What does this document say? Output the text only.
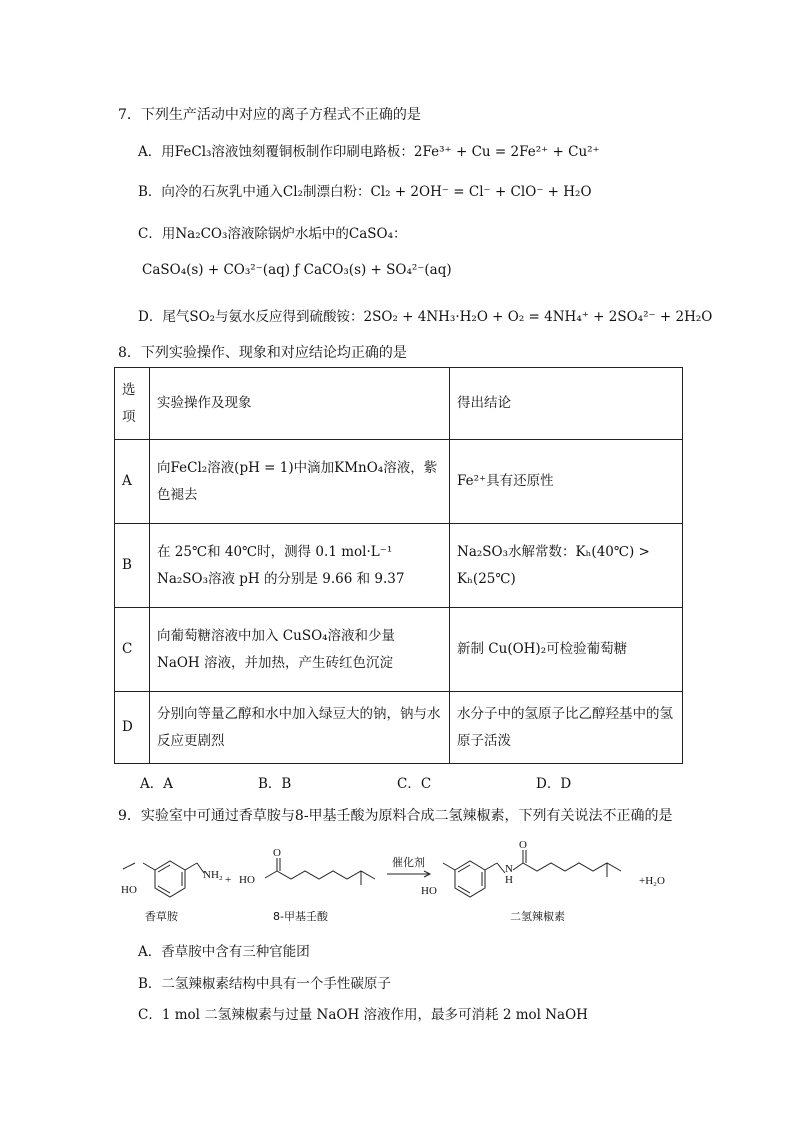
7．下列生产活动中对应的离子方程式不正确的是
A．用FeCl₃溶液蚀刻覆铜板制作印刷电路板：2Fe³⁺ + Cu = 2Fe²⁺ + Cu²⁺
B．向冷的石灰乳中通入Cl₂制漂白粉：Cl₂ + 2OH⁻ = Cl⁻ + ClO⁻ + H₂O
C．用Na₂CO₃溶液除锅炉水垢中的CaSO₄：
CaSO₄(s) + CO₃²⁻(aq) ƒ CaCO₃(s) + SO₄²⁻(aq)
D．尾气SO₂与氨水反应得到硫酸铵：2SO₂ + 4NH₃·H₂O + O₂ = 4NH₄⁺ + 2SO₄²⁻ + 2H₂O
8．下列实验操作、现象和对应结论均正确的是
选项	实验操作及现象	得出结论
A	向FeCl₂溶液(pH = 1)中滴加KMnO₄溶液，紫色褪去	Fe²⁺具有还原性
B	在 25℃和 40℃时，测得 0.1 mol·L⁻¹ Na₂SO₃溶液 pH 的分别是 9.66 和 9.37	Na₂SO₃水解常数：Kₕ(40℃) > Kₕ(25℃)
C	向葡萄糖溶液中加入 CuSO₄溶液和少量 NaOH 溶液，并加热，产生砖红色沉淀	新制 Cu(OH)₂可检验葡萄糖
D	分别向等量乙醇和水中加入绿豆大的钠，钠与水反应更剧烈	水分子中的氢原子比乙醇羟基中的氢原子活泼
A．A	B．B	C．C	D．D
9．实验室中可通过香草胺与8-甲基壬酸为原料合成二氢辣椒素，下列有关说法不正确的是
HO
NH₂ + HO
O
HO
N
H
O
+H₂O
催化剂
香草胺	8-甲基壬酸	二氢辣椒素
A．香草胺中含有三种官能团
B．二氢辣椒素结构中具有一个手性碳原子
C．1 mol 二氢辣椒素与过量 NaOH 溶液作用，最多可消耗 2 mol NaOH
